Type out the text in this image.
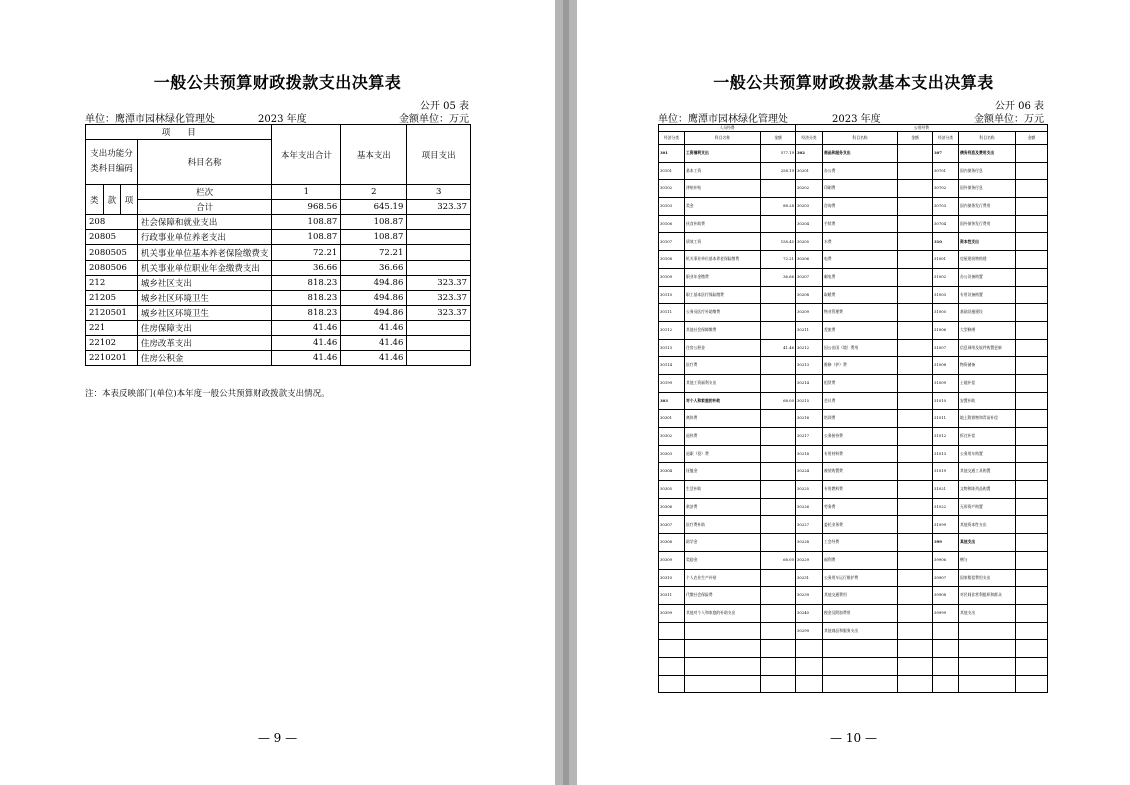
一般公共预算财政拨款支出决算表
公开 05 表
单位：鹰潭市园林绿化管理处	2023 年度	金额单位：万元
项　　目				本年支出合计	基本支出	项目支出
支出功能分类科目编码			科目名称			

类	款	项	栏次	1	2	3
			合计	968.56	645.19	323.37
208			社会保障和就业支出	108.87	108.87	
20805			行政事业单位养老支出	108.87	108.87	
2080505			机关事业单位基本养老保险缴费支	72.21	72.21	
2080506			机关事业单位职业年金缴费支出	36.66	36.66	
212			城乡社区支出	818.23	494.86	323.37
21205			城乡社区环境卫生	818.23	494.86	323.37
2120501			城乡社区环境卫生	818.23	494.86	323.37
221			住房保障支出	41.46	41.46	
22102			住房改革支出	41.46	41.46	
2210201			住房公积金	41.46	41.46	
注：本表反映部门(单位)本年度一般公共预算财政拨款支出情况。
— 9 —
一般公共预算财政拨款基本支出决算表
公开 06 表
单位：鹰潭市园林绿化管理处	2023 年度	金额单位：万元
人员经费			公用经费					
经济分类	科目名称	金额	经济分类	科目名称	金额	经济分类	科目名称	金额
301	工资福利支出	577.19	302	商品和服务支出		307	债务利息及费用支出	
30101	基本工资	258.19	30201	办公费		30701	国内债务付息	
30102	津贴补贴		30202	印刷费		30702	国外债务付息	
30103	奖金	88.28	30203	咨询费		30703	国内债务发行费用	
30106	伙食补助费		30204	手续费		30704	国外债务发行费用	
30107	绩效工资	158.45	30205	水费		310	资本性支出	
30108	机关事业单位基本养老保险缴费	72.21	30206	电费		31001	房屋建筑物购建	
30109	职业年金缴费	36.66	30207	邮电费		31002	办公设备购置	
30110	职工基本医疗保险缴费		30208	取暖费		31003	专用设备购置	
30111	公务员医疗补助缴费		30209	物业管理费		31005	基础设施建设	
30112	其他社会保障缴费		30211	差旅费		31006	大型修缮	
30113	住房公积金	41.46	30212	因公出国（境）费用		31007	信息网络及软件购置更新	
30114	医疗费		30213	维修（护）费		31008	物资储备	
30199	其他工资福利支出		30214	租赁费		31009	土地补偿	
303	对个人和家庭的补助	68.00	30215	会议费		31010	安置补助	
30301	离休费		30216	培训费		31011	地上附着物和青苗补偿	
30302	退休费		30217	公务接待费		31012	拆迁补偿	
30303	退职（役）费		30218	专用材料费		31013	公务用车购置	
30304	抚恤金		30224	被装购置费		31019	其他交通工具购置	
30305	生活补助		30225	专用燃料费		31021	文物和陈列品购置	
30306	救济费		30226	劳务费		31022	无形资产购置	
30307	医疗费补助		30227	委托业务费		31099	其他资本性支出	
30308	助学金		30228	工会经费		399	其他支出	
30309	奖励金	68.00	30229	福利费		39906	赠与	
30310	个人农业生产补贴		30231	公务用车运行维护费		39907	国家赔偿费用支出	
30311	代缴社会保险费		30239	其他交通费用		39908	对民间非营利组织和群众	
30399	其他对个人和家庭的补助支出		30240	税金及附加费用		39999	其他支出	
			30299	其他商品和服务支出				

— 10 —
